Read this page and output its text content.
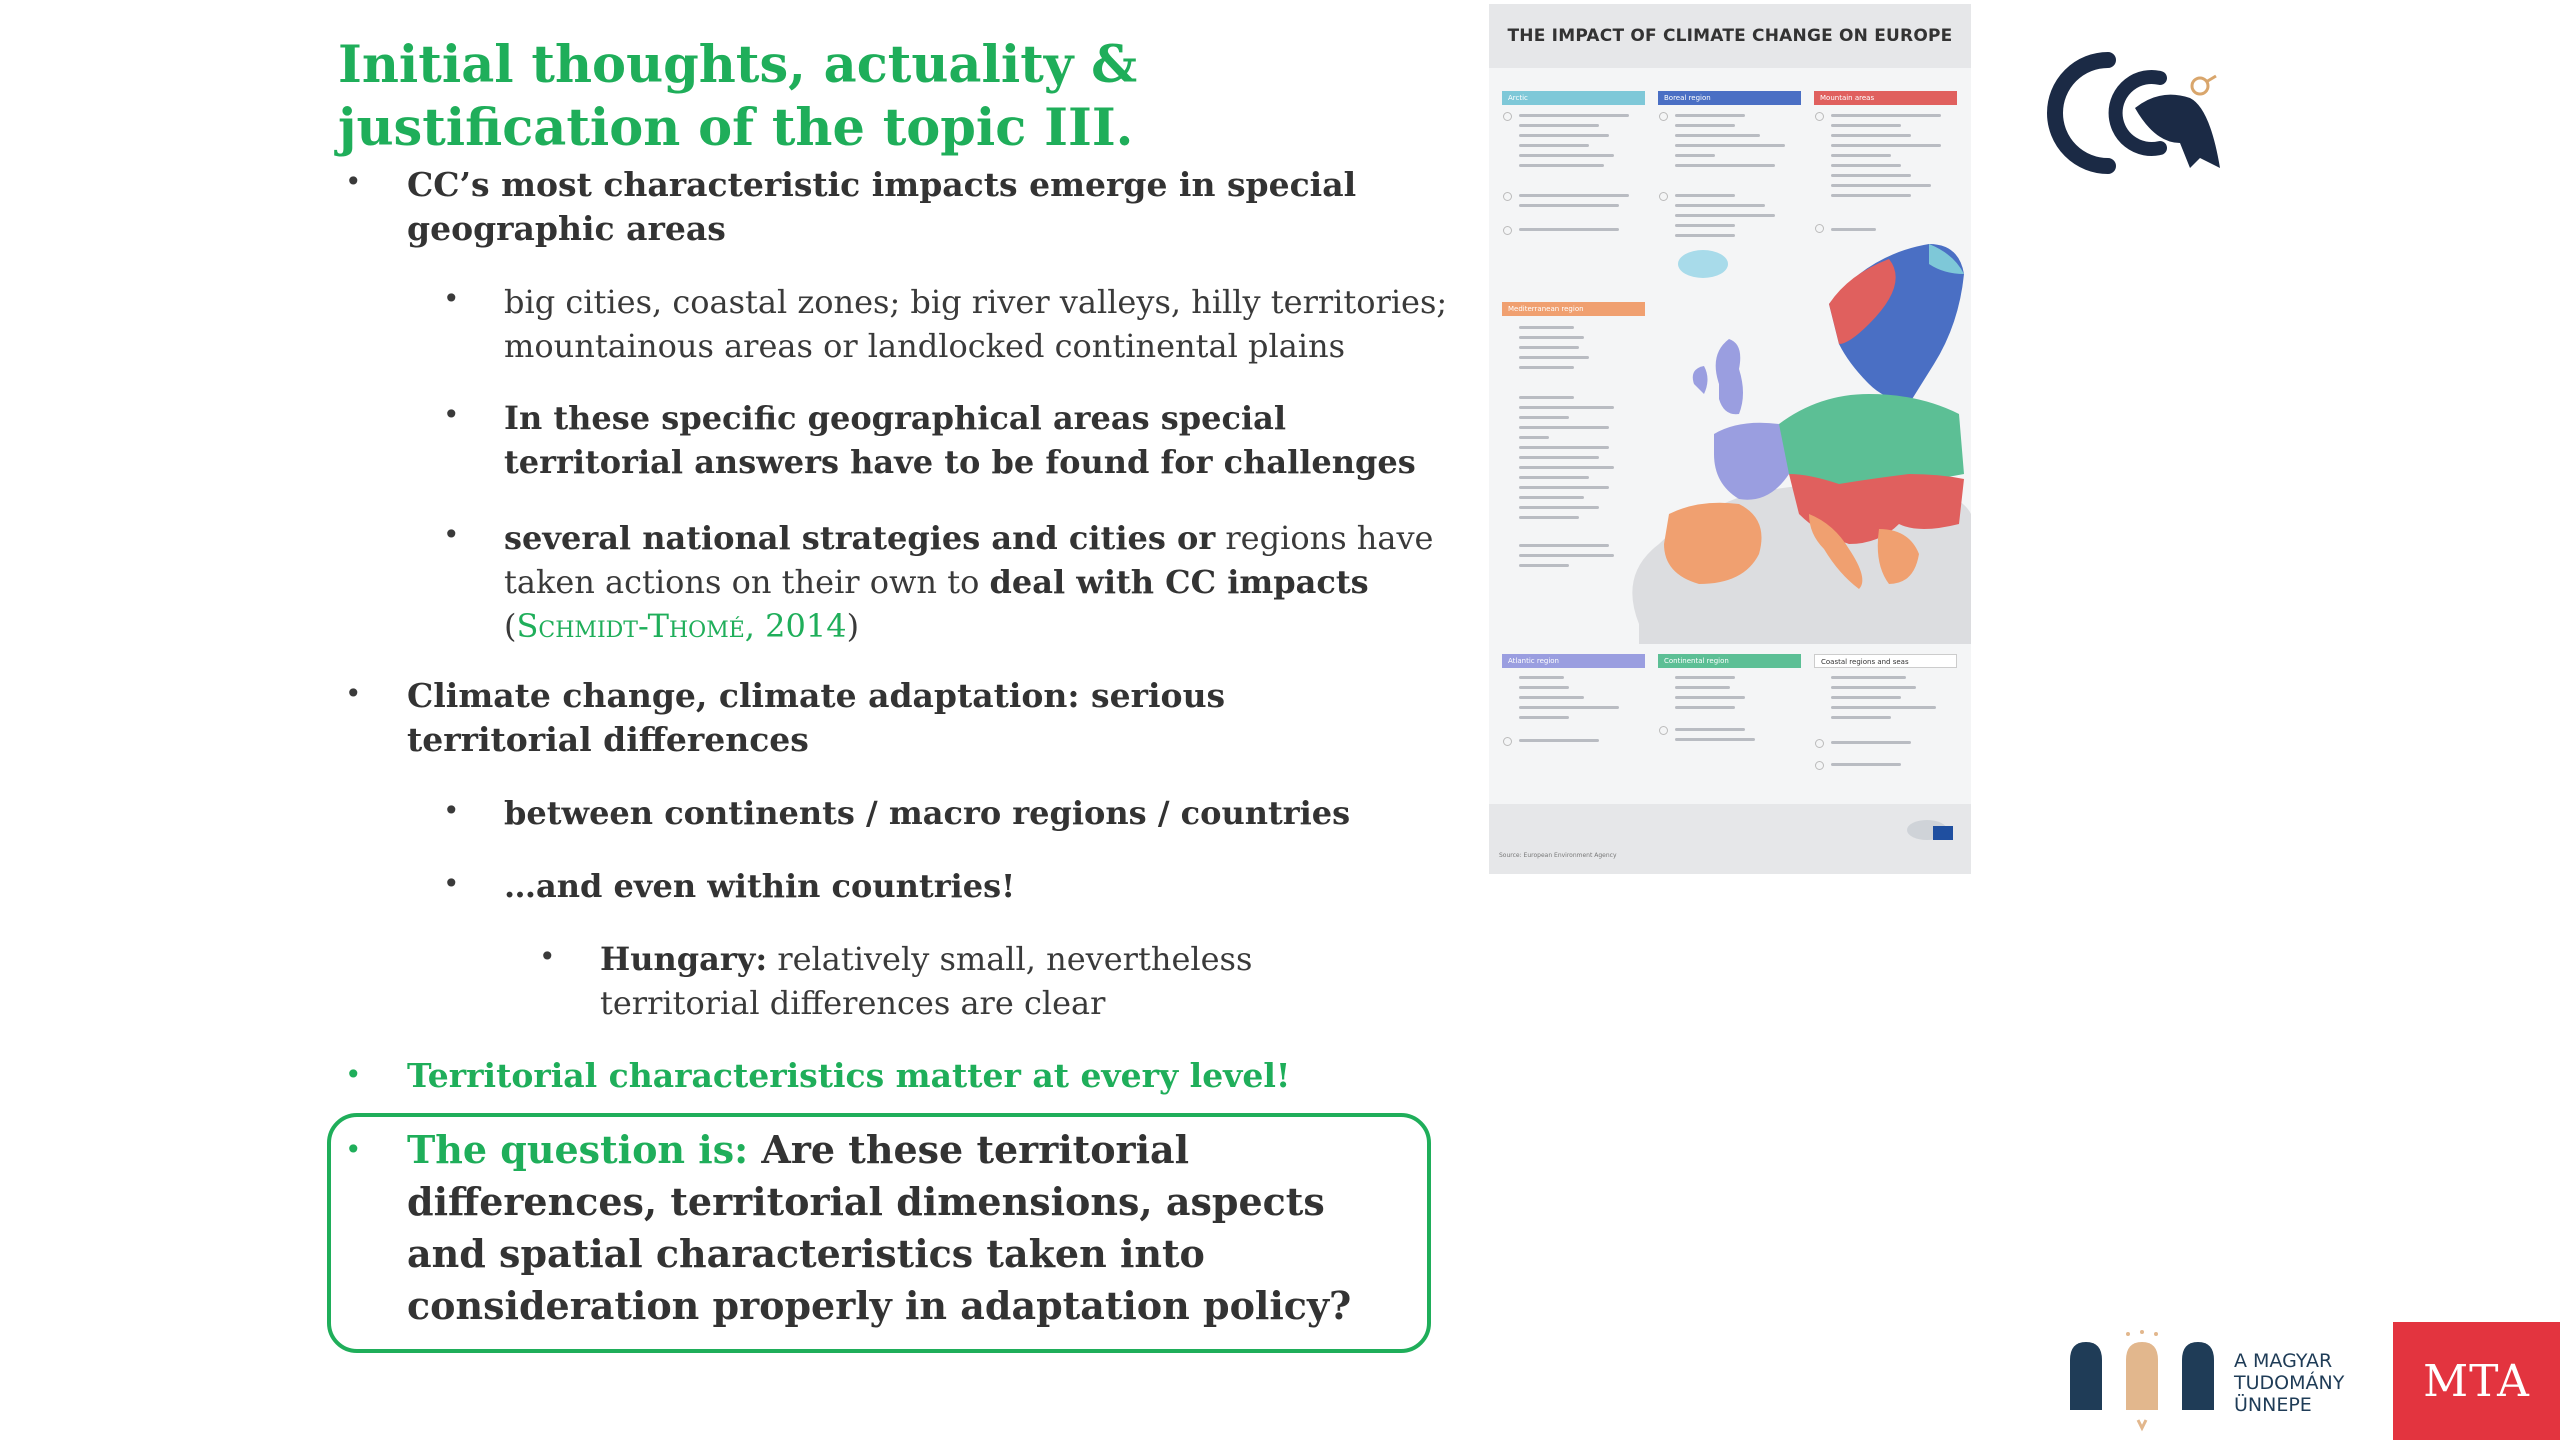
Initial thoughts, actuality &
justification of the topic III.
• CC’s most characteristic impacts emerge in special geographic areas
• big cities, coastal zones; big river valleys, hilly territories; mountainous areas or landlocked continental plains
• In these specific geographical areas special territorial answers have to be found for challenges
• several national strategies and cities or regions have taken actions on their own to deal with CC impacts (Schmidt-Thomé, 2014)
• Climate change, climate adaptation: serious territorial differences
• between continents / macro regions / countries
• …and even within countries!
• Hungary: relatively small, nevertheless territorial differences are clear
• Territorial characteristics matter at every level!
• The question is: Are these territorial differences, territorial dimensions, aspects and spatial characteristics taken into consideration properly in adaptation policy?
THE IMPACT OF CLIMATE CHANGE ON EUROPE
Arctic	Boreal region	Mountain areas
Mediterranean region
Atlantic region	Continental region	Coastal regions and seas
Source: European Environment Agency
A MAGYAR
TUDOMÁNY
ÜNNEPE	MTA
